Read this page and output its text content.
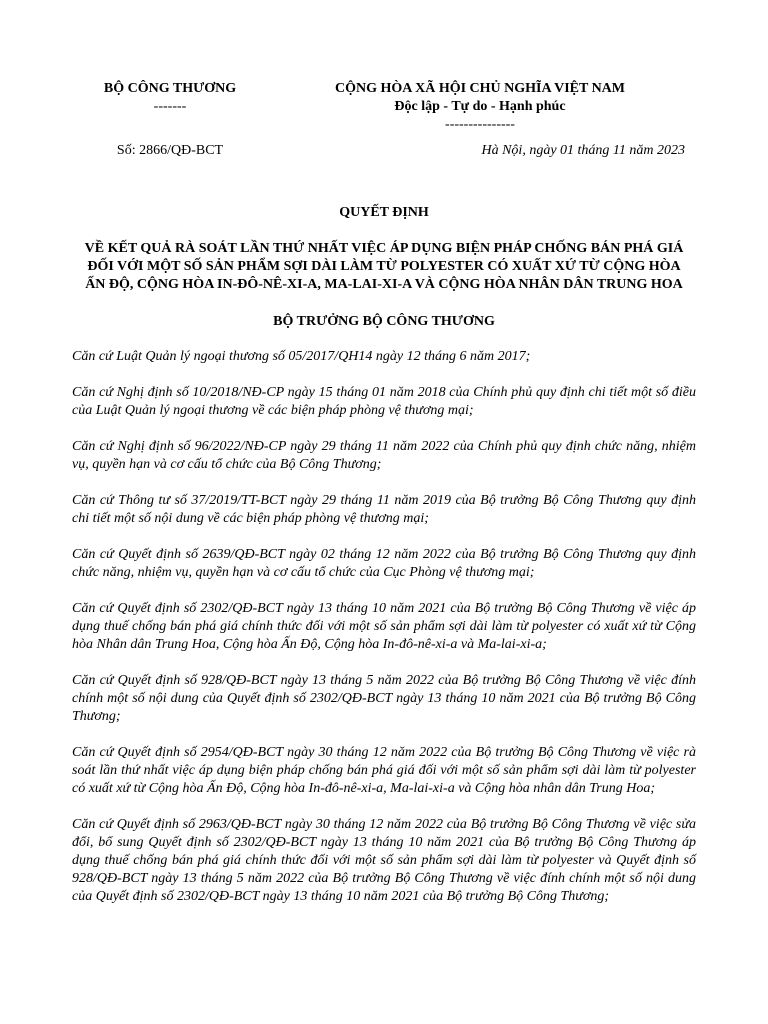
BỘ CÔNG THƯƠNG
-------
CỘNG HÒA XÃ HỘI CHỦ NGHĨA VIỆT NAM
Độc lập - Tự do - Hạnh phúc
---------------
Số: 2866/QĐ-BCT	Hà Nội, ngày 01 tháng 11 năm 2023
QUYẾT ĐỊNH
VỀ KẾT QUẢ RÀ SOÁT LẦN THỨ NHẤT VIỆC ÁP DỤNG BIỆN PHÁP CHỐNG BÁN PHÁ GIÁ
ĐỐI VỚI MỘT SỐ SẢN PHẨM SỢI DÀI LÀM TỪ POLYESTER CÓ XUẤT XỨ TỪ CỘNG HÒA
ẤN ĐỘ, CỘNG HÒA IN-ĐÔ-NÊ-XI-A, MA-LAI-XI-A VÀ CỘNG HÒA NHÂN DÂN TRUNG HOA
BỘ TRƯỞNG BỘ CÔNG THƯƠNG

Căn cứ Luật Quản lý ngoại thương số 05/2017/QH14 ngày 12 tháng 6 năm 2017;

Căn cứ Nghị định số 10/2018/NĐ-CP ngày 15 tháng 01 năm 2018 của Chính phủ quy định chi tiết một số điều của Luật Quản lý ngoại thương về các biện pháp phòng vệ thương mại;

Căn cứ Nghị định số 96/2022/NĐ-CP ngày 29 tháng 11 năm 2022 của Chính phủ quy định chức năng, nhiệm vụ, quyền hạn và cơ cấu tổ chức của Bộ Công Thương;

Căn cứ Thông tư số 37/2019/TT-BCT ngày 29 tháng 11 năm 2019 của Bộ trưởng Bộ Công Thương quy định chi tiết một số nội dung về các biện pháp phòng vệ thương mại;

Căn cứ Quyết định số 2639/QĐ-BCT ngày 02 tháng 12 năm 2022 của Bộ trưởng Bộ Công Thương quy định chức năng, nhiệm vụ, quyền hạn và cơ cấu tổ chức của Cục Phòng vệ thương mại;

Căn cứ Quyết định số 2302/QĐ-BCT ngày 13 tháng 10 năm 2021 của Bộ trưởng Bộ Công Thương về việc áp dụng thuế chống bán phá giá chính thức đối với một số sản phẩm sợi dài làm từ polyester có xuất xứ từ Cộng hòa Nhân dân Trung Hoa, Cộng hòa Ấn Độ, Cộng hòa In-đô-nê-xi-a và Ma-lai-xi-a;

Căn cứ Quyết định số 928/QĐ-BCT ngày 13 tháng 5 năm 2022 của Bộ trưởng Bộ Công Thương về việc đính chính một số nội dung của Quyết định số 2302/QĐ-BCT ngày 13 tháng 10 năm 2021 của Bộ trưởng Bộ Công Thương;

Căn cứ Quyết định số 2954/QĐ-BCT ngày 30 tháng 12 năm 2022 của Bộ trưởng Bộ Công Thương về việc rà soát lần thứ nhất việc áp dụng biện pháp chống bán phá giá đối với một số sản phẩm sợi dài làm từ polyester có xuất xứ từ Cộng hòa Ấn Độ, Cộng hòa In-đô-nê-xi-a, Ma-lai-xi-a và Cộng hòa nhân dân Trung Hoa;

Căn cứ Quyết định số 2963/QĐ-BCT ngày 30 tháng 12 năm 2022 của Bộ trưởng Bộ Công Thương về việc sửa đổi, bổ sung Quyết định số 2302/QĐ-BCT ngày 13 tháng 10 năm 2021 của Bộ trưởng Bộ Công Thương áp dụng thuế chống bán phá giá chính thức đối với một số sản phẩm sợi dài làm từ polyester và Quyết định số 928/QĐ-BCT ngày 13 tháng 5 năm 2022 của Bộ trưởng Bộ Công Thương về việc đính chính một số nội dung của Quyết định số 2302/QĐ-BCT ngày 13 tháng 10 năm 2021 của Bộ trưởng Bộ Công Thương;
